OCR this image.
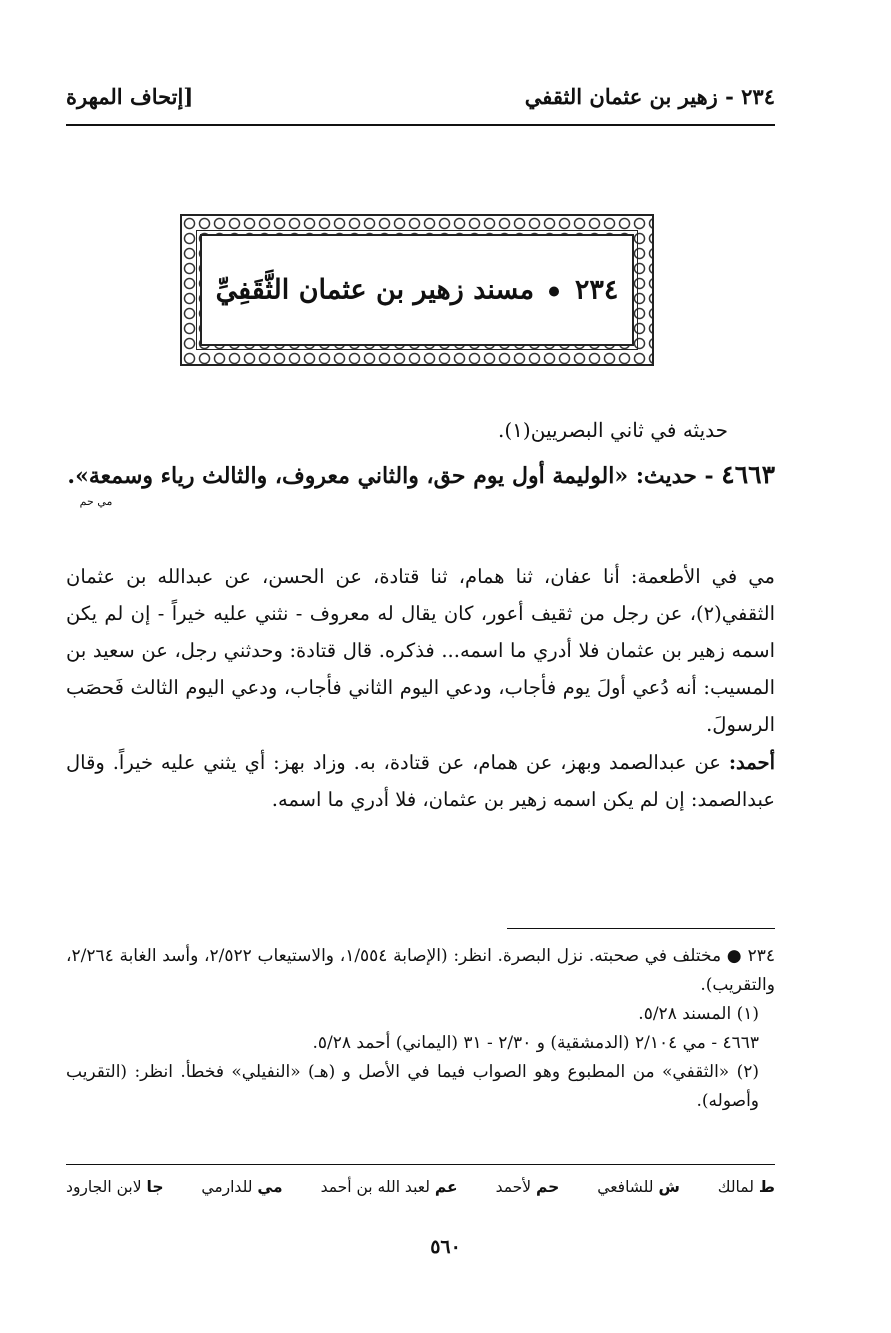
٢٣٤ - زهير بن عثمان الثقفي
[إتحاف المهرة
٢٣٤  مسند زهير بن عثمان الثَّقَفِيِّ
حديثه في ثاني البصريين(١).
٤٦٦٣ - حديث: «الوليمة أول يوم حق، والثاني معروف، والثالث رياء وسمعة».
مي حم
مي في الأطعمة: أنا عفان، ثنا همام، ثنا قتادة، عن الحسن، عن عبدالله بن عثمان الثقفي(٢)، عن رجل من ثقيف أعور، كان يقال له معروف - نثني عليه خيراً - إن لم يكن اسمه زهير بن عثمان فلا أدري ما اسمه... فذكره. قال قتادة: وحدثني رجل، عن سعيد بن المسيب: أنه دُعي أولَ يوم فأجاب، ودعي اليوم الثاني فأجاب، ودعي اليوم الثالث فَحصَب الرسولَ.
أحمد: عن عبدالصمد وبهز، عن همام، عن قتادة، به. وزاد بهز: أي يثني عليه خيراً. وقال عبدالصمد: إن لم يكن اسمه زهير بن عثمان، فلا أدري ما اسمه.

٢٣٤ ● مختلف في صحبته. نزل البصرة. انظر: (الإصابة ١/٥٥٤، والاستيعاب ٢/٥٢٢، وأسد الغابة ٢/٢٦٤، والتقريب).

(١) المسند ٥/٢٨.

٤٦٦٣ - مي ٢/١٠٤ (الدمشقية) و ٢/٣٠ - ٣١ (اليماني) أحمد ٥/٢٨.

(٢) «الثقفي» من المطبوع وهو الصواب فيما في الأصل و (هـ) «النفيلي» فخطأ. انظر: (التقريب وأصوله).

ط لمالك
ش للشافعي
حم لأحمد
عم لعبد الله بن أحمد
مي للدارمي
جا لابن الجارود
٥٦٠
